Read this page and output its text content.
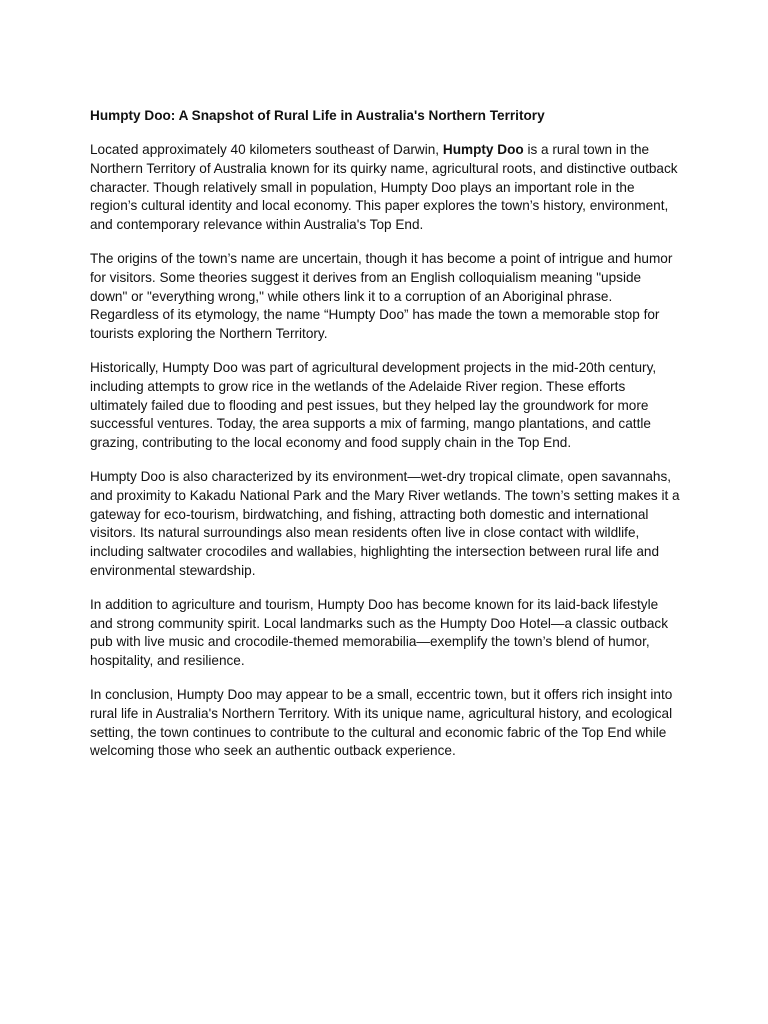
Humpty Doo: A Snapshot of Rural Life in Australia's Northern Territory

Located approximately 40 kilometers southeast of Darwin, Humpty Doo is a rural town in the Northern Territory of Australia known for its quirky name, agricultural roots, and distinctive outback character. Though relatively small in population, Humpty Doo plays an important role in the region’s cultural identity and local economy. This paper explores the town’s history, environment, and contemporary relevance within Australia's Top End.

The origins of the town’s name are uncertain, though it has become a point of intrigue and humor for visitors. Some theories suggest it derives from an English colloquialism meaning "upside down" or "everything wrong," while others link it to a corruption of an Aboriginal phrase. Regardless of its etymology, the name “Humpty Doo” has made the town a memorable stop for tourists exploring the Northern Territory.

Historically, Humpty Doo was part of agricultural development projects in the mid-20th century, including attempts to grow rice in the wetlands of the Adelaide River region. These efforts ultimately failed due to flooding and pest issues, but they helped lay the groundwork for more successful ventures. Today, the area supports a mix of farming, mango plantations, and cattle grazing, contributing to the local economy and food supply chain in the Top End.

Humpty Doo is also characterized by its environment—wet-dry tropical climate, open savannahs, and proximity to Kakadu National Park and the Mary River wetlands. The town’s setting makes it a gateway for eco-tourism, birdwatching, and fishing, attracting both domestic and international visitors. Its natural surroundings also mean residents often live in close contact with wildlife, including saltwater crocodiles and wallabies, highlighting the intersection between rural life and environmental stewardship.

In addition to agriculture and tourism, Humpty Doo has become known for its laid-back lifestyle and strong community spirit. Local landmarks such as the Humpty Doo Hotel—a classic outback pub with live music and crocodile-themed memorabilia—exemplify the town’s blend of humor, hospitality, and resilience.

In conclusion, Humpty Doo may appear to be a small, eccentric town, but it offers rich insight into rural life in Australia's Northern Territory. With its unique name, agricultural history, and ecological setting, the town continues to contribute to the cultural and economic fabric of the Top End while welcoming those who seek an authentic outback experience.
